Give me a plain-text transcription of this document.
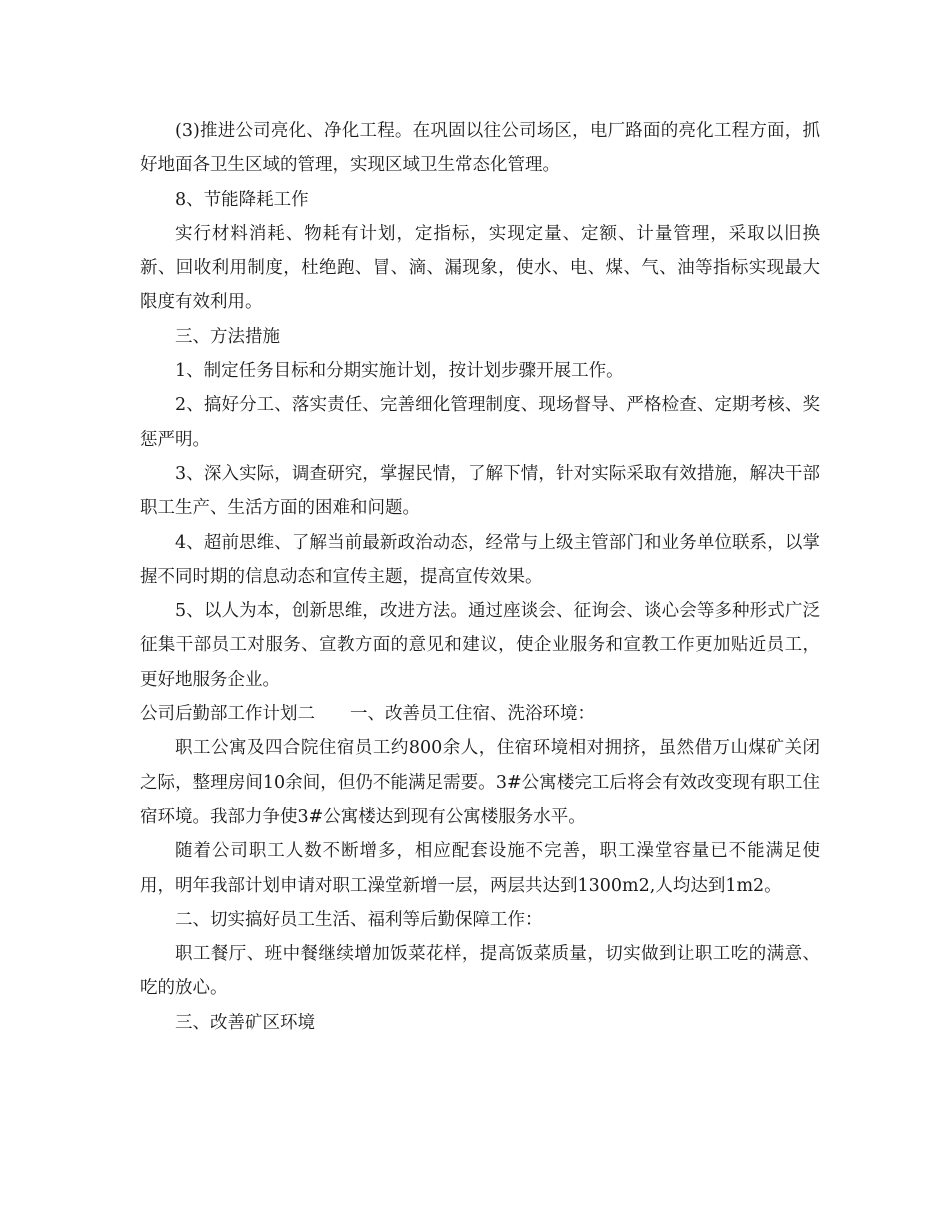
(3)推进公司亮化、净化工程。在巩固以往公司场区，电厂路面的亮化工程方面，抓好地面各卫生区域的管理，实现区域卫生常态化管理。

8、节能降耗工作

实行材料消耗、物耗有计划，定指标，实现定量、定额、计量管理，采取以旧换新、回收利用制度，杜绝跑、冒、滴、漏现象，使水、电、煤、气、油等指标实现最大限度有效利用。

三、方法措施

1、制定任务目标和分期实施计划，按计划步骤开展工作。

2、搞好分工、落实责任、完善细化管理制度、现场督导、严格检查、定期考核、奖惩严明。

3、深入实际，调查研究，掌握民情，了解下情，针对实际采取有效措施，解决干部职工生产、生活方面的困难和问题。

4、超前思维、了解当前最新政治动态，经常与上级主管部门和业务单位联系，以掌握不同时期的信息动态和宣传主题，提高宣传效果。

5、以人为本，创新思维，改进方法。通过座谈会、征询会、谈心会等多种形式广泛征集干部员工对服务、宣教方面的意见和建议，使企业服务和宣教工作更加贴近员工，更好地服务企业。

公司后勤部工作计划二　　一、改善员工住宿、洗浴环境：

职工公寓及四合院住宿员工约800余人，住宿环境相对拥挤，虽然借万山煤矿关闭之际，整理房间10余间，但仍不能满足需要。3#公寓楼完工后将会有效改变现有职工住宿环境。我部力争使3#公寓楼达到现有公寓楼服务水平。

随着公司职工人数不断增多，相应配套设施不完善，职工澡堂容量已不能满足使用，明年我部计划申请对职工澡堂新增一层，两层共达到1300m2,人均达到1m2。

二、切实搞好员工生活、福利等后勤保障工作：

职工餐厅、班中餐继续增加饭菜花样，提高饭菜质量，切实做到让职工吃的满意、吃的放心。

三、改善矿区环境
